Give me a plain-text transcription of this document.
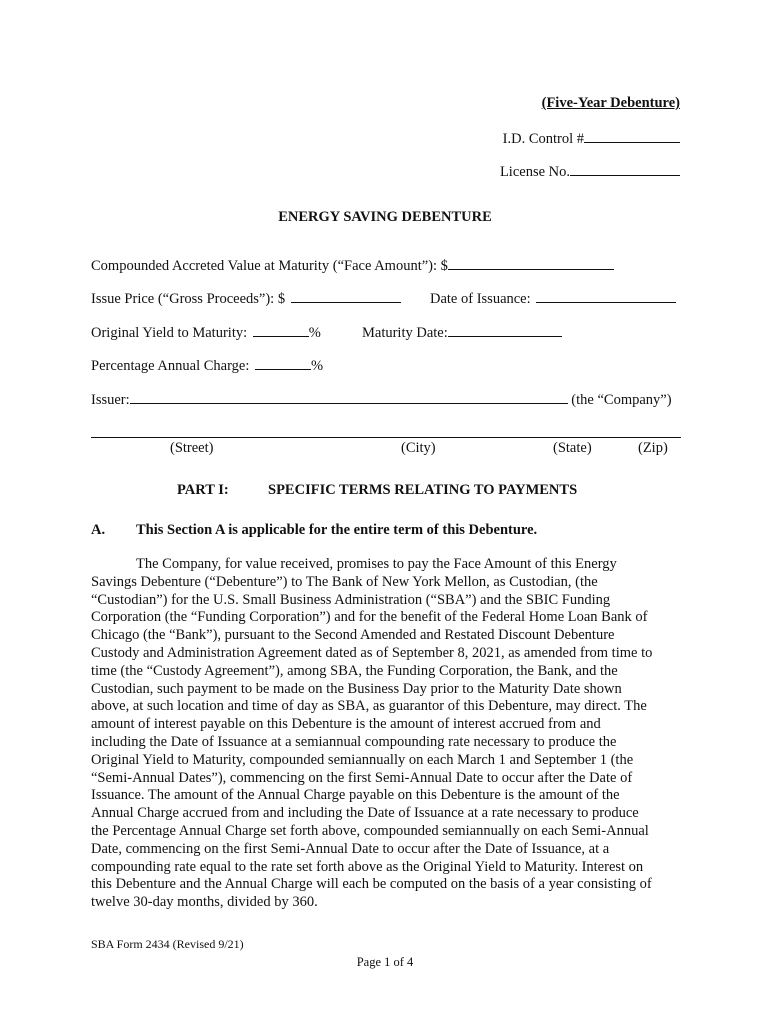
(Five-Year Debenture)
I.D. Control #
License No.
ENERGY SAVING DEBENTURE
Compounded Accreted Value at Maturity (“Face Amount”): $
Issue Price (“Gross Proceeds”): $	Date of Issuance:
Original Yield to Maturity:	%	Maturity Date:
Percentage Annual Charge:	%
Issuer:	(the “Company”)
(Street)	(City)	(State)	(Zip)
PART I:	SPECIFIC TERMS RELATING TO PAYMENTS
A. This Section A is applicable for the entire term of this Debenture.
The Company, for value received, promises to pay the Face Amount of this Energy
Savings Debenture (“Debenture”) to The Bank of New York Mellon, as Custodian, (the
“Custodian”) for the U.S. Small Business Administration (“SBA”) and the SBIC Funding
Corporation (the “Funding Corporation”) and for the benefit of the Federal Home Loan Bank of
Chicago (the “Bank”), pursuant to the Second Amended and Restated Discount Debenture
Custody and Administration Agreement dated as of September 8, 2021, as amended from time to
time (the “Custody Agreement”), among SBA, the Funding Corporation, the Bank, and the
Custodian, such payment to be made on the Business Day prior to the Maturity Date shown
above, at such location and time of day as SBA, as guarantor of this Debenture, may direct. The
amount of interest payable on this Debenture is the amount of interest accrued from and
including the Date of Issuance at a semiannual compounding rate necessary to produce the
Original Yield to Maturity, compounded semiannually on each March 1 and September 1 (the
“Semi-Annual Dates”), commencing on the first Semi-Annual Date to occur after the Date of
Issuance. The amount of the Annual Charge payable on this Debenture is the amount of the
Annual Charge accrued from and including the Date of Issuance at a rate necessary to produce
the Percentage Annual Charge set forth above, compounded semiannually on each Semi-Annual
Date, commencing on the first Semi-Annual Date to occur after the Date of Issuance, at a
compounding rate equal to the rate set forth above as the Original Yield to Maturity. Interest on
this Debenture and the Annual Charge will each be computed on the basis of a year consisting of
twelve 30-day months, divided by 360.
SBA Form 2434 (Revised 9/21)
Page 1 of 4
